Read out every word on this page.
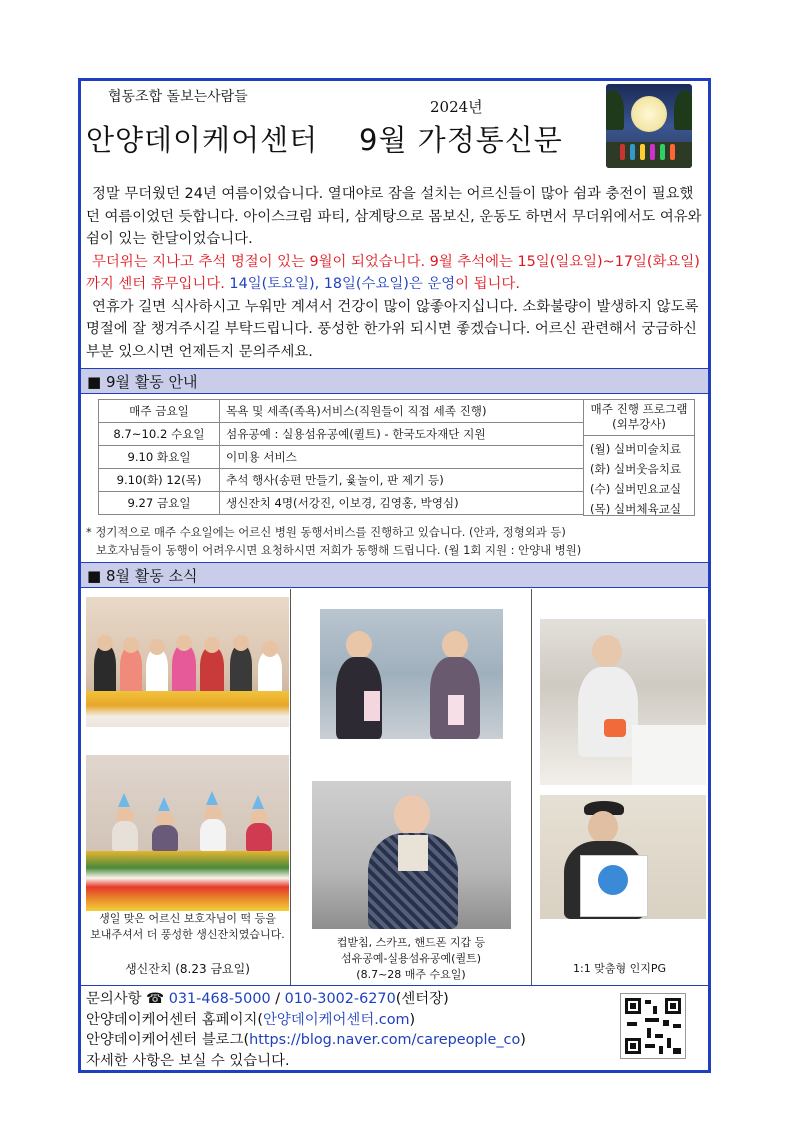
협동조합 돌보는사람들
2024년
안양데이케어센터 9월 가정통신문

정말 무더웠던 24년 여름이었습니다. 열대야로 잠을 설치는 어르신들이 많아 쉼과 충전이 필요했던 여름이었던 듯합니다. 아이스크림 파티, 삼계탕으로 몸보신, 운동도 하면서 무더위에서도 여유와 쉼이 있는 한달이었습니다.

무더위는 지나고 추석 명절이 있는 9월이 되었습니다. 9월 추석에는 15일(일요일)~17일(화요일)까지 센터 휴무입니다. 14일(토요일), 18일(수요일)은 운영이 됩니다.

연휴가 길면 식사하시고 누워만 계셔서 건강이 많이 않좋아지십니다. 소화불량이 발생하지 않도록 명절에 잘 챙겨주시길 부탁드립니다. 풍성한 한가위 되시면 좋겠습니다. 어르신 관련해서 궁금하신 부분 있으시면 언제든지 문의주세요.

■ 9월 활동 안내
매주 금요일	목욕 및 세족(족욕)서비스(직원들이 직접 세족 진행)
8.7~10.2 수요일	섬유공예 : 실용섬유공예(퀼트) - 한국도자재단 지원
9.10 화요일	이미용 서비스
9.10(화) 12(목)	추석 행사(송편 만들기, 윷놀이, 판 제기 등)
9.27 금요일	생신잔치 4명(서강진, 이보경, 김영홍, 박영심)
매주 진행 프로그램
(외부강사)
(월) 실버미술치료
(화) 실버웃음치료
(수) 실버민요교실
(목) 실버체육교실
* 정기적으로 매주 수요일에는 어르신 병원 동행서비스를 진행하고 있습니다. (안과, 정형외과 등)
보호자님들이 동행이 어려우시면 요청하시면 저희가 동행해 드립니다. (월 1회 지원 : 안양내 병원)
■ 8월 활동 소식
생일 맞은 어르신 보호자님이 떡 등을
보내주셔서 더 풍성한 생신잔치였습니다.
생신잔치 (8.23 금요일)
컵받침, 스카프, 핸드폰 지갑 등
섬유공예-실용섬유공예(퀼트)
(8.7~28 매주 수요일)	1:1 맞춤형 인지PG
문의사항 ☎ 031-468-5000 / 010-3002-6270(센터장)
안양데이케어센터 홈페이지(안양데이케어센터.com)
안양데이케어센터 블로그(https://blog.naver.com/carepeople_co)
자세한 사항은 보실 수 있습니다.
